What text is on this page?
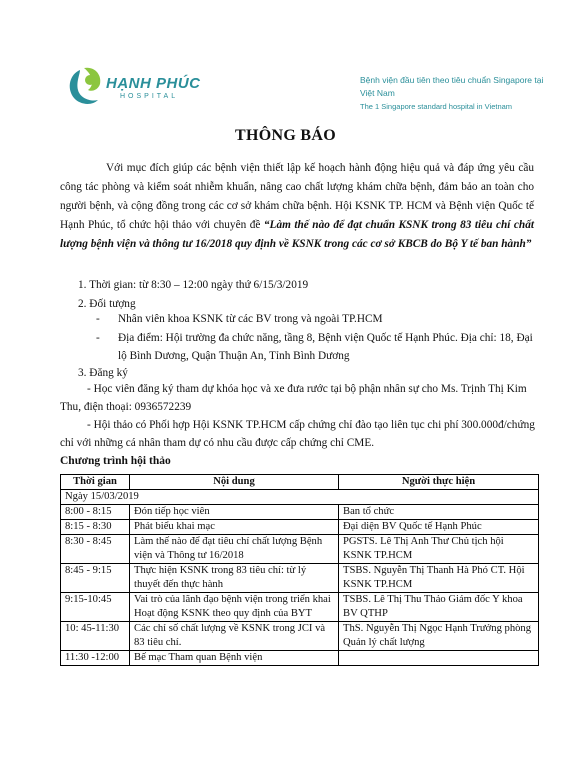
HẠNH PHÚC
HOSPITAL
Bệnh viện đầu tiên theo tiêu chuẩn Singapore tại Việt Nam
The 1 Singapore standard hospital in Vietnam
THÔNG BÁO
Với mục đích giúp các bệnh viện thiết lập kế hoạch hành động hiệu quả và đáp ứng yêu cầu công tác phòng và kiểm soát nhiễm khuẩn, nâng cao chất lượng khám chữa bệnh, đảm bảo an toàn cho người bệnh, và cộng đồng trong các cơ sở khám chữa bệnh. Hội KSNK TP. HCM và Bệnh viện Quốc tế Hạnh Phúc, tổ chức hội thảo với chuyên đề “Làm thế nào để đạt chuẩn KSNK trong 83 tiêu chí chất lượng bệnh viện và thông tư 16/2018 quy định về KSNK trong các cơ sở KBCB do Bộ Y tế ban hành”
1. Thời gian: từ 8:30 – 12:00 ngày thứ 6/15/3/2019
2. Đối tượng
- Nhân viên khoa KSNK từ các BV trong và ngoài TP.HCM
- Địa điểm: Hội trường đa chức năng, tầng 8, Bệnh viện Quốc tế Hạnh Phúc. Địa chỉ: 18, Đại lộ Bình Dương, Quận Thuận An, Tỉnh Bình Dương
3. Đăng ký
- Học viên đăng ký tham dự khóa học và xe đưa rước tại bộ phận nhân sự cho Ms. Trịnh Thị Kim Thu, điện thoại: 0936572239
- Hội thảo có Phối hợp Hội KSNK TP.HCM cấp chứng chỉ đào tạo liên tục chi phí 300.000đ/chứng chỉ với những cá nhân tham dự có nhu cầu được cấp chứng chỉ CME.
Chương trình hội thảo
Thời gian	Nội dung	Người thực hiện
Ngày 15/03/2019		
8:00 - 8:15	Đón tiếp học viên	Ban tổ chức
8:15 - 8:30	Phát biểu khai mạc	Đại diện BV Quốc tế Hạnh Phúc
8:30 - 8:45	Làm thế nào để đạt tiêu chí chất lượng Bệnh viện và Thông tư 16/2018	PGSTS. Lê Thị Anh Thư Chủ tịch hội KSNK TP.HCM
8:45 - 9:15	Thực hiện KSNK trong 83 tiêu chí: từ lý thuyết đến thực hành	TSBS. Nguyễn Thị Thanh Hà Phó CT. Hội KSNK TP.HCM
9:15-10:45	Vai trò của lãnh đạo bệnh viện trong triển khai Hoạt động KSNK theo quy định của BYT	TSBS. Lê Thị Thu Thảo Giám đốc Y khoa BV QTHP
10: 45-11:30	Các chỉ số chất lượng về KSNK trong JCI và 83 tiêu chí.	ThS. Nguyễn Thị Ngọc Hạnh Trưởng phòng Quản lý chất lượng
11:30 -12:00	Bế mạc Tham quan Bệnh viện	
